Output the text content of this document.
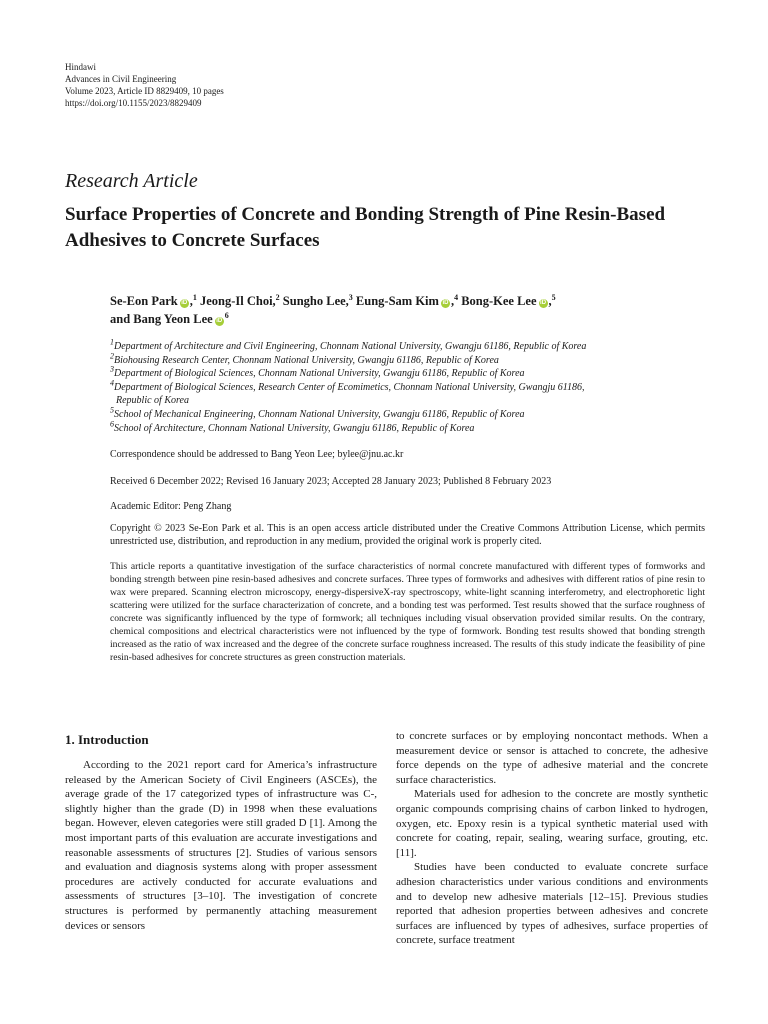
Hindawi
Advances in Civil Engineering
Volume 2023, Article ID 8829409, 10 pages
https://doi.org/10.1155/2023/8829409
Research Article
Surface Properties of Concrete and Bonding Strength of Pine Resin-Based Adhesives to Concrete Surfaces
Se-Eon Park iD ,$^1$ Jeong-Il Choi,$^2$ Sungho Lee,$^3$ Eung-Sam Kim iD ,$^4$ Bong-Kee Lee iD ,$^5$
and Bang Yeon Lee $iD^6$
$^1$Department of Architecture and Civil Engineering, Chonnam National University, Gwangju 61186, Republic of Korea
$^2$Biohousing Research Center, Chonnam National University, Gwangju 61186, Republic of Korea
$^3$Department of Biological Sciences, Chonnam National University, Gwangju 61186, Republic of Korea
$^4$Department of Biological Sciences, Research Center of Ecomimetics, Chonnam National University, Gwangju 61186,
Republic of Korea
$^5$School of Mechanical Engineering, Chonnam National University, Gwangju 61186, Republic of Korea
$^6$School of Architecture, Chonnam National University, Gwangju 61186, Republic of Korea
Correspondence should be addressed to Bang Yeon Lee; bylee@jnu.ac.kr
Received 6 December 2022; Revised 16 January 2023; Accepted 28 January 2023; Published 8 February 2023
Academic Editor: Peng Zhang
Copyright © 2023 Se-Eon Park et al. This is an open access article distributed under the Creative Commons Attribution License, which permits unrestricted use, distribution, and reproduction in any medium, provided the original work is properly cited.
This article reports a quantitative investigation of the surface characteristics of normal concrete manufactured with different types of formworks and bonding strength between pine resin-based adhesives and concrete surfaces. Three types of formworks and adhesives with different ratios of pine resin to wax were prepared. Scanning electron microscopy, energy-dispersiveX-ray spectroscopy, white-light scanning interferometry, and electrophoretic light scattering were utilized for the surface characterization of concrete, and a bonding test was performed. Test results showed that the surface roughness of concrete was significantly influenced by the type of formwork; all techniques including visual observation provided similar results. On the contrary, chemical compositions and electrical characteristics were not influenced by the type of formwork. Bonding test results showed that bonding strength increased as the ratio of wax increased and the degree of the concrete surface roughness increased. The results of this study indicate the feasibility of pine resin-based adhesives for concrete structures as green construction materials.
1. Introduction

According to the 2021 report card for America’s infrastructure released by the American Society of Civil Engineers (ASCEs), the average grade of the 17 categorized types of infrastructure was C-, slightly higher than the grade (D) in 1998 when these evaluations began. However, eleven categories were still graded D [1]. Among the most important parts of this evaluation are accurate investigations and reasonable assessments of structures [2]. Studies of various sensors and evaluation and diagnosis systems along with proper assessment procedures are actively conducted for accurate evaluations and assessments of structures [3–10]. The investigation of concrete structures is performed by permanently attaching measurement devices or sensors

to concrete surfaces or by employing noncontact methods. When a measurement device or sensor is attached to concrete, the adhesive force depends on the type of adhesive material and the concrete surface characteristics.

Materials used for adhesion to the concrete are mostly synthetic organic compounds comprising chains of carbon linked to hydrogen, oxygen, etc. Epoxy resin is a typical synthetic material used with concrete for coating, repair, sealing, wearing surface, grouting, etc. [11].

Studies have been conducted to evaluate concrete surface adhesion characteristics under various conditions and environments and to develop new adhesive materials [12–15]. Previous studies reported that adhesion properties between adhesives and concrete surfaces are influenced by types of adhesives, surface properties of concrete, surface treatment
